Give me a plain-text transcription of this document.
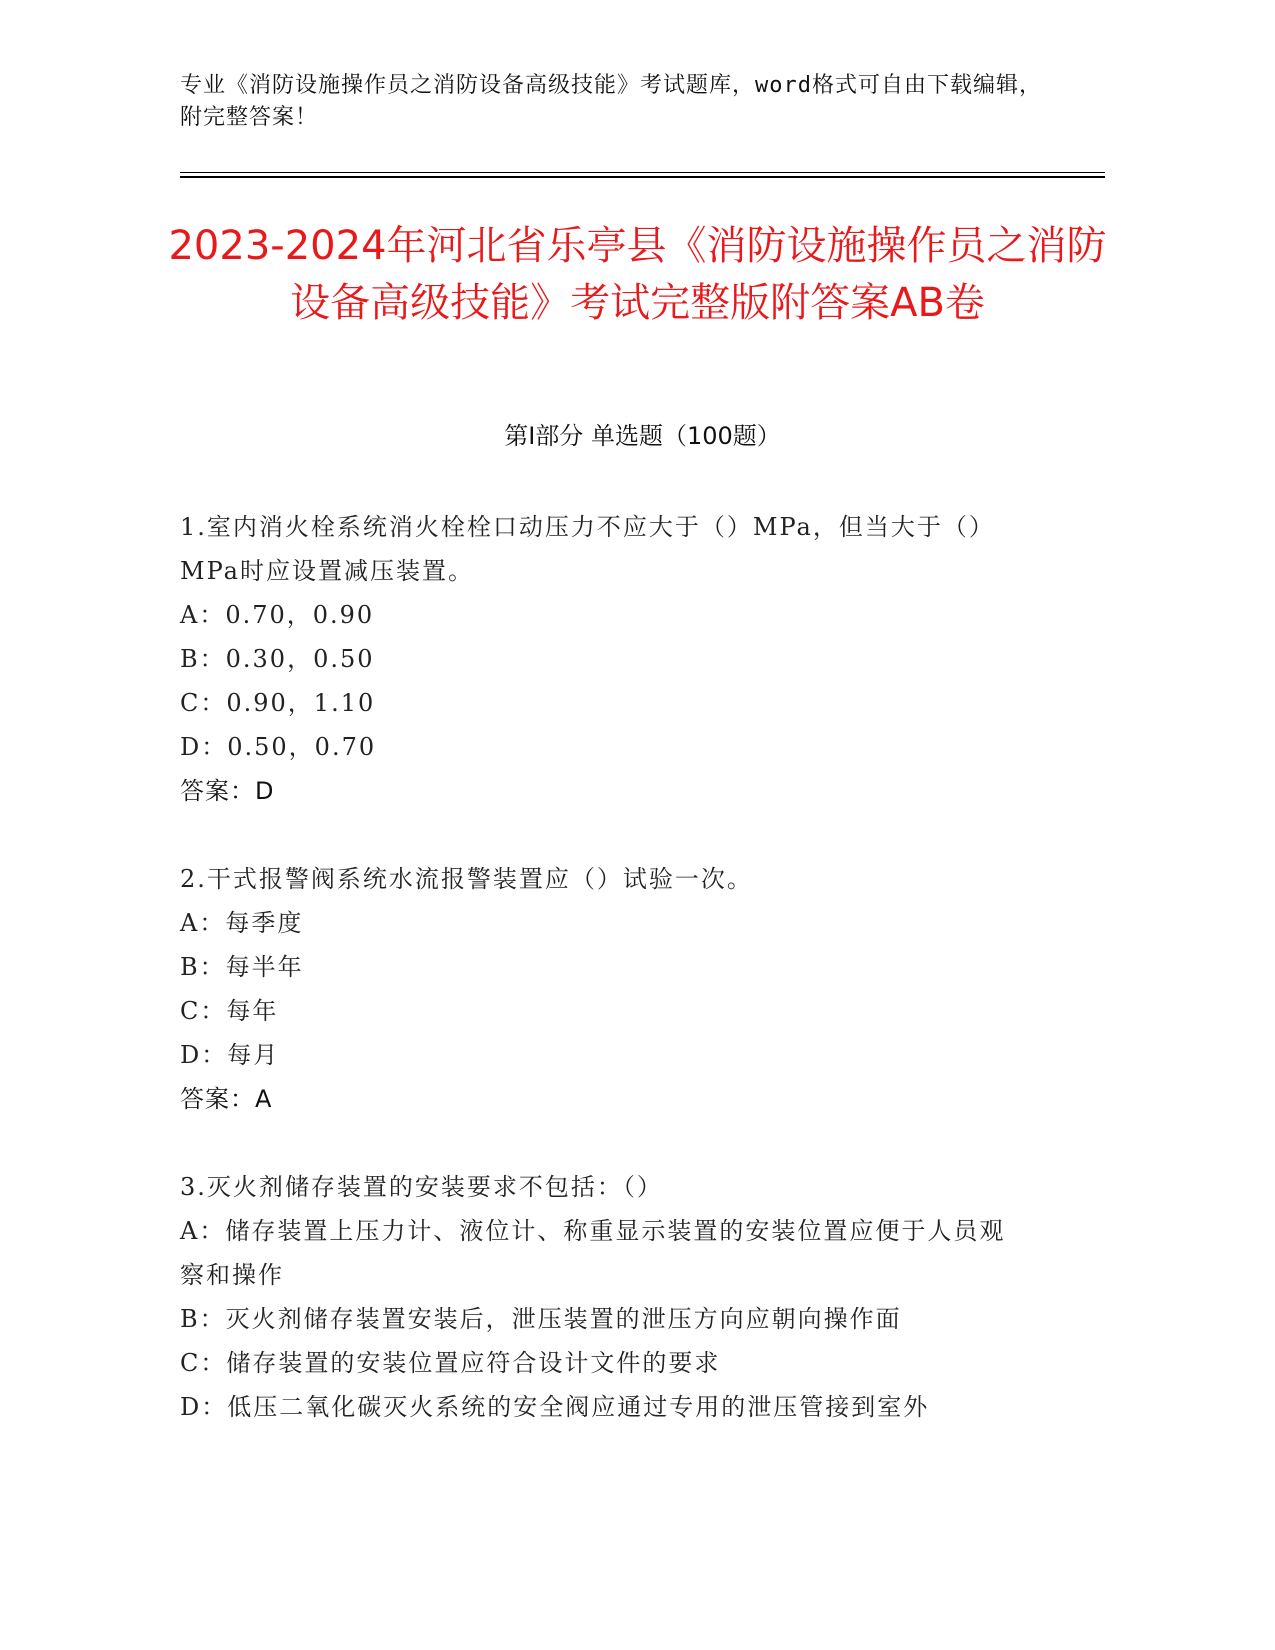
专业《消防设施操作员之消防设备高级技能》考试题库，word格式可自由下载编辑，附完整答案！
2023-2024年河北省乐亭县《消防设施操作员之消防设备高级技能》考试完整版附答案AB卷
第I部分 单选题（100题）

1.室内消火栓系统消火栓栓口动压力不应大于（）MPa，但当大于（）MPa时应设置减压装置。

A：0.70，0.90

B：0.30，0.50

C：0.90，1.10

D：0.50，0.70

答案：D

2.干式报警阀系统水流报警装置应（）试验一次。

A：每季度

B：每半年

C：每年

D：每月

答案：A

3.灭火剂储存装置的安装要求不包括：（）

A：储存装置上压力计、液位计、称重显示装置的安装位置应便于人员观察和操作

B：灭火剂储存装置安装后，泄压装置的泄压方向应朝向操作面

C：储存装置的安装位置应符合设计文件的要求

D：低压二氧化碳灭火系统的安全阀应通过专用的泄压管接到室外
